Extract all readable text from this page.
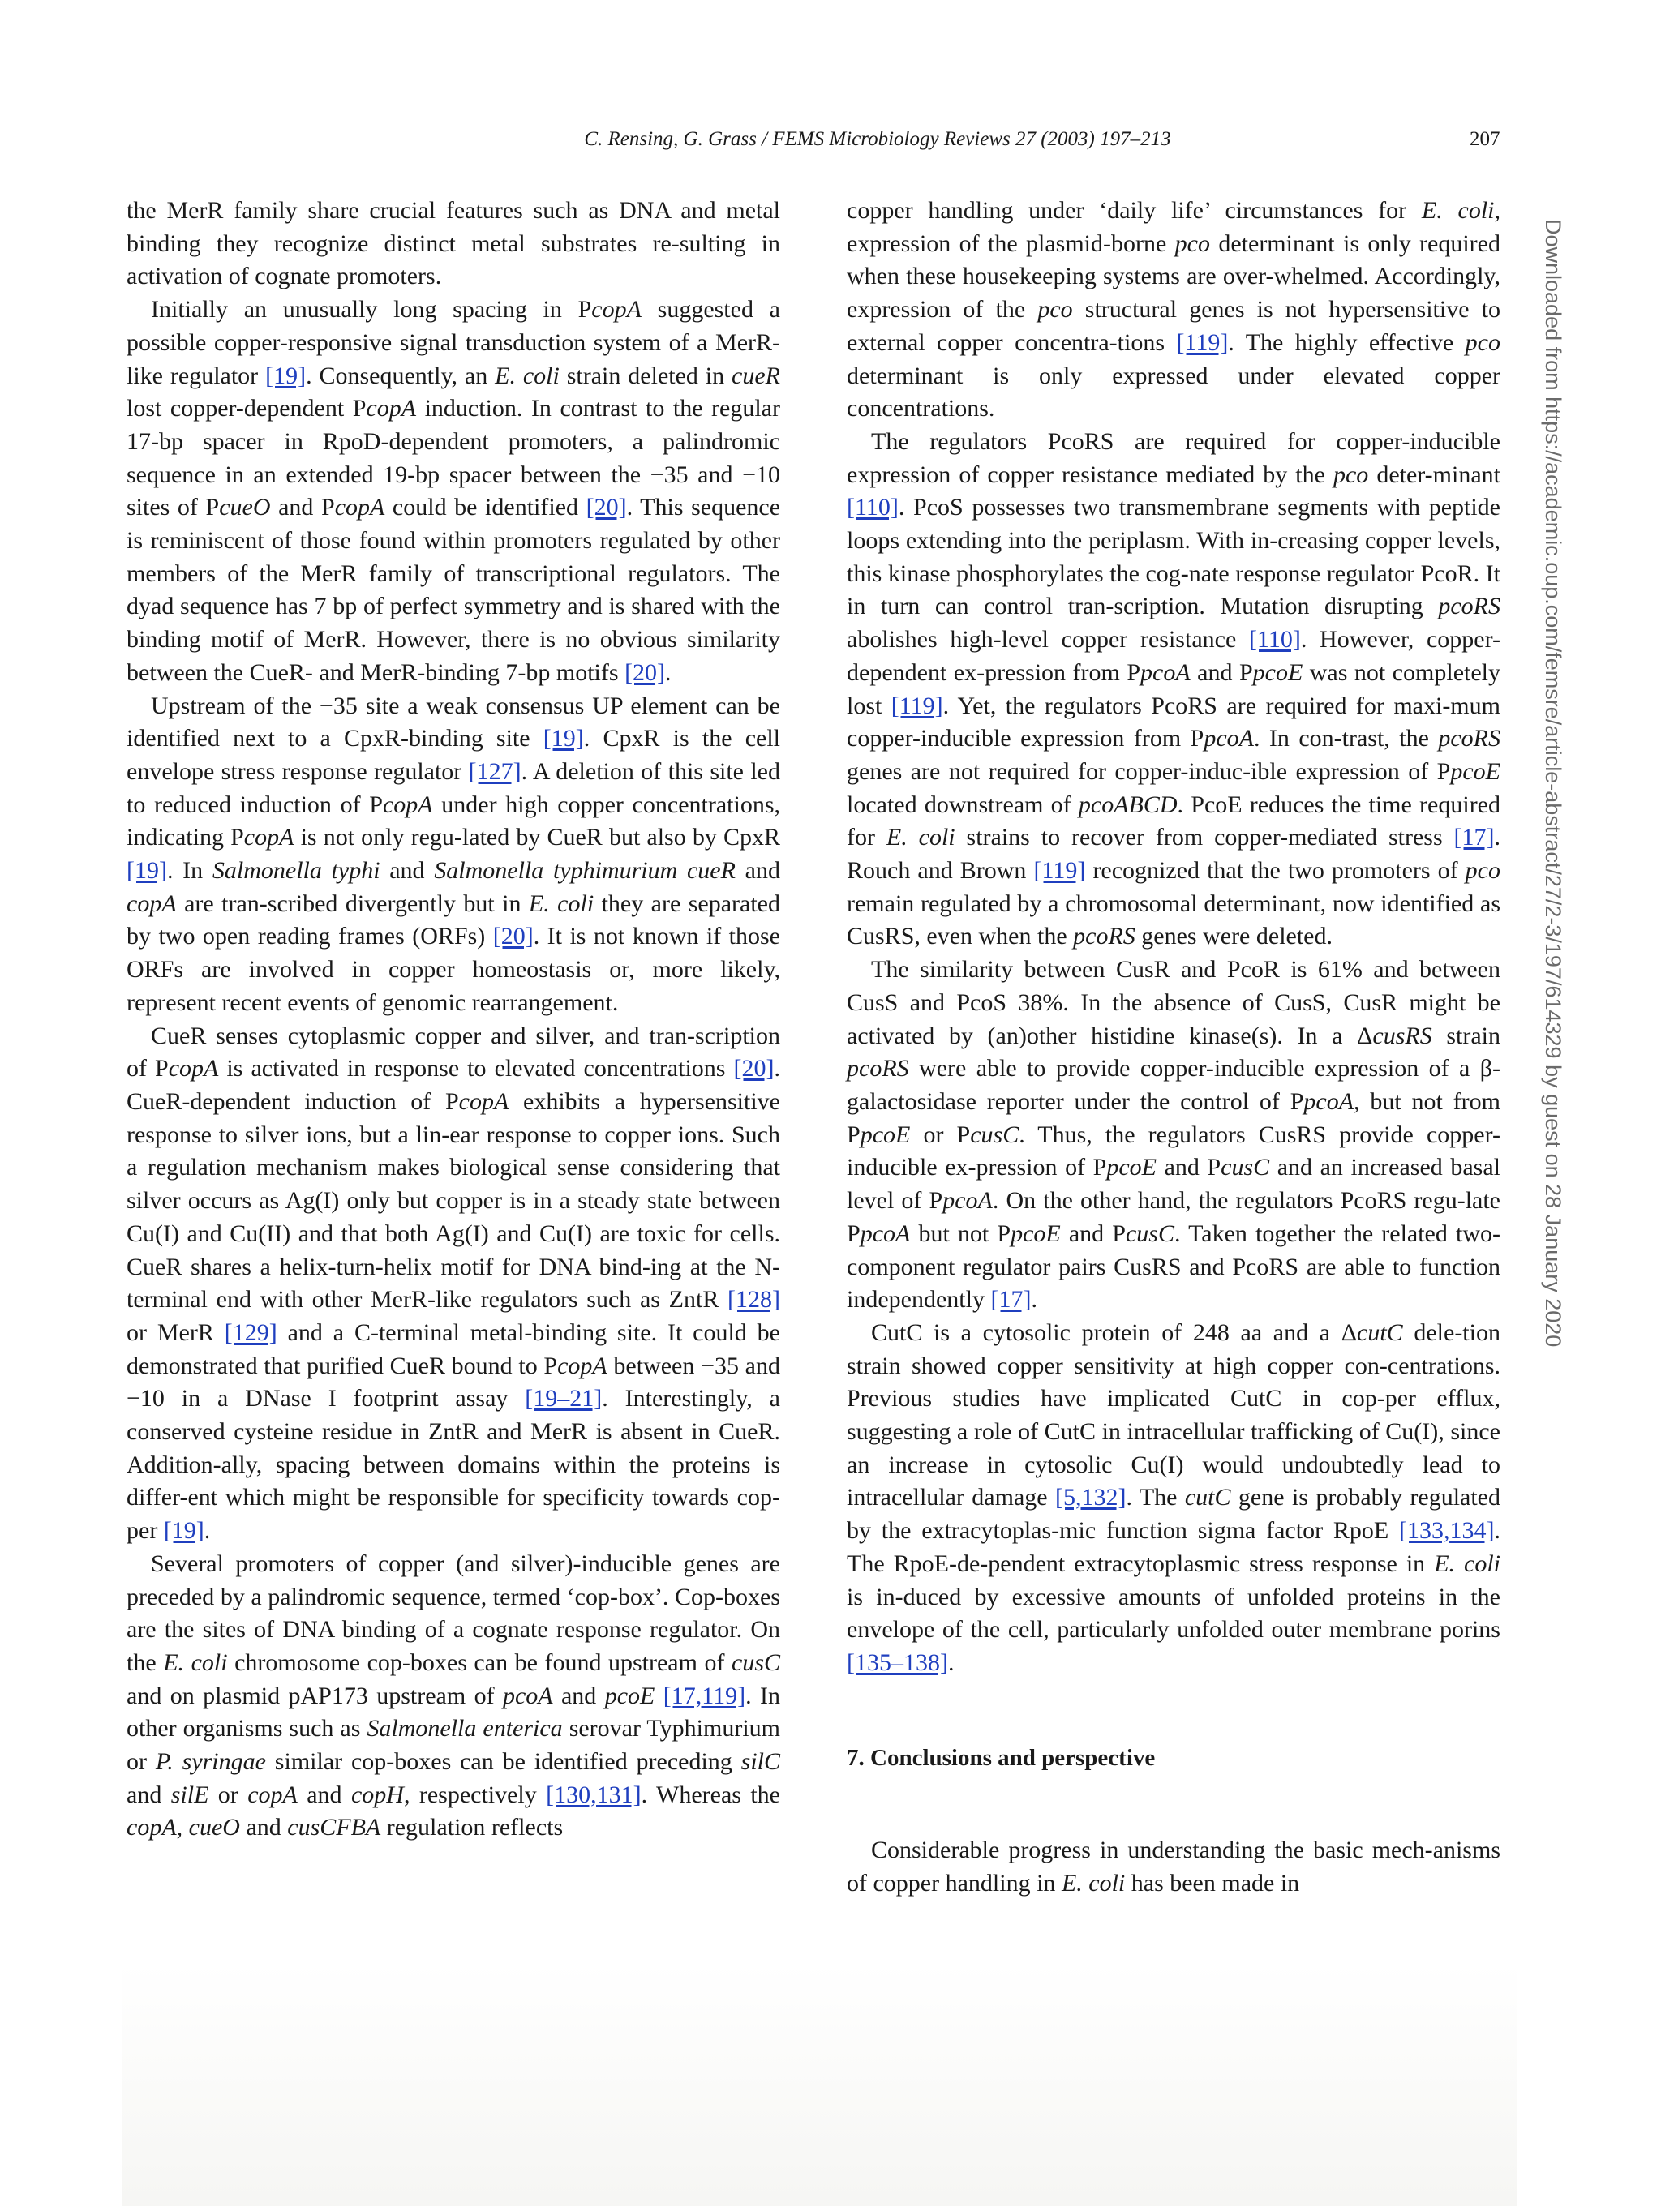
C. Rensing, G. Grass / FEMS Microbiology Reviews 27 (2003) 197–213	207

the MerR family share crucial features such as DNA and metal binding they recognize distinct metal substrates re-sulting in activation of cognate promoters.

Initially an unusually long spacing in PcopA suggested a possible copper-responsive signal transduction system of a MerR-like regulator [19]. Consequently, an E. coli strain deleted in cueR lost copper-dependent PcopA induction. In contrast to the regular 17-bp spacer in RpoD-dependent promoters, a palindromic sequence in an extended 19-bp spacer between the −35 and −10 sites of PcueO and PcopA could be identified [20]. This sequence is reminiscent of those found within promoters regulated by other members of the MerR family of transcriptional regulators. The dyad sequence has 7 bp of perfect symmetry and is shared with the binding motif of MerR. However, there is no obvious similarity between the CueR- and MerR-binding 7-bp motifs [20].

Upstream of the −35 site a weak consensus UP element can be identified next to a CpxR-binding site [19]. CpxR is the cell envelope stress response regulator [127]. A deletion of this site led to reduced induction of PcopA under high copper concentrations, indicating PcopA is not only regu-lated by CueR but also by CpxR [19]. In Salmonella typhi and Salmonella typhimurium cueR and copA are tran-scribed divergently but in E. coli they are separated by two open reading frames (ORFs) [20]. It is not known if those ORFs are involved in copper homeostasis or, more likely, represent recent events of genomic rearrangement.

CueR senses cytoplasmic copper and silver, and tran-scription of PcopA is activated in response to elevated concentrations [20]. CueR-dependent induction of PcopA exhibits a hypersensitive response to silver ions, but a lin-ear response to copper ions. Such a regulation mechanism makes biological sense considering that silver occurs as Ag(I) only but copper is in a steady state between Cu(I) and Cu(II) and that both Ag(I) and Cu(I) are toxic for cells. CueR shares a helix-turn-helix motif for DNA bind-ing at the N-terminal end with other MerR-like regulators such as ZntR [128] or MerR [129] and a C-terminal metal-binding site. It could be demonstrated that purified CueR bound to PcopA between −35 and −10 in a DNase I footprint assay [19–21]. Interestingly, a conserved cysteine residue in ZntR and MerR is absent in CueR. Addition-ally, spacing between domains within the proteins is differ-ent which might be responsible for specificity towards cop-per [19].

Several promoters of copper (and silver)-inducible genes are preceded by a palindromic sequence, termed ‘cop-box’. Cop-boxes are the sites of DNA binding of a cognate response regulator. On the E. coli chromosome cop-boxes can be found upstream of cusC and on plasmid pAP173 upstream of pcoA and pcoE [17,119]. In other organisms such as Salmonella enterica serovar Typhimurium or P. syringae similar cop-boxes can be identified preceding silC and silE or copA and copH, respectively [130,131]. Whereas the copA, cueO and cusCFBA regulation reflects

copper handling under ‘daily life’ circumstances for E. coli, expression of the plasmid-borne pco determinant is only required when these housekeeping systems are over-whelmed. Accordingly, expression of the pco structural genes is not hypersensitive to external copper concentra-tions [119]. The highly effective pco determinant is only expressed under elevated copper concentrations.

The regulators PcoRS are required for copper-inducible expression of copper resistance mediated by the pco deter-minant [110]. PcoS possesses two transmembrane segments with peptide loops extending into the periplasm. With in-creasing copper levels, this kinase phosphorylates the cog-nate response regulator PcoR. It in turn can control tran-scription. Mutation disrupting pcoRS abolishes high-level copper resistance [110]. However, copper-dependent ex-pression from PpcoA and PpcoE was not completely lost [119]. Yet, the regulators PcoRS are required for maxi-mum copper-inducible expression from PpcoA. In con-trast, the pcoRS genes are not required for copper-induc-ible expression of PpcoE located downstream of pcoABCD. PcoE reduces the time required for E. coli strains to recover from copper-mediated stress [17]. Rouch and Brown [119] recognized that the two promoters of pco remain regulated by a chromosomal determinant, now identified as CusRS, even when the pcoRS genes were deleted.

The similarity between CusR and PcoR is 61% and between CusS and PcoS 38%. In the absence of CusS, CusR might be activated by (an)other histidine kinase(s). In a ΔcusRS strain pcoRS were able to provide copper-inducible expression of a β-galactosidase reporter under the control of PpcoA, but not from PpcoE or PcusC. Thus, the regulators CusRS provide copper-inducible ex-pression of PpcoE and PcusC and an increased basal level of PpcoA. On the other hand, the regulators PcoRS regu-late PpcoA but not PpcoE and PcusC. Taken together the related two-component regulator pairs CusRS and PcoRS are able to function independently [17].

CutC is a cytosolic protein of 248 aa and a ΔcutC dele-tion strain showed copper sensitivity at high copper con-centrations. Previous studies have implicated CutC in cop-per efflux, suggesting a role of CutC in intracellular trafficking of Cu(I), since an increase in cytosolic Cu(I) would undoubtedly lead to intracellular damage [5,132]. The cutC gene is probably regulated by the extracytoplas-mic function sigma factor RpoE [133,134]. The RpoE-de-pendent extracytoplasmic stress response in E. coli is in-duced by excessive amounts of unfolded proteins in the envelope of the cell, particularly unfolded outer membrane porins [135–138].

7. Conclusions and perspective

Considerable progress in understanding the basic mech-anisms of copper handling in E. coli has been made in

Downloaded from https://academic.oup.com/femsre/article-abstract/27/2-3/197/614329 by guest on 28 January 2020
